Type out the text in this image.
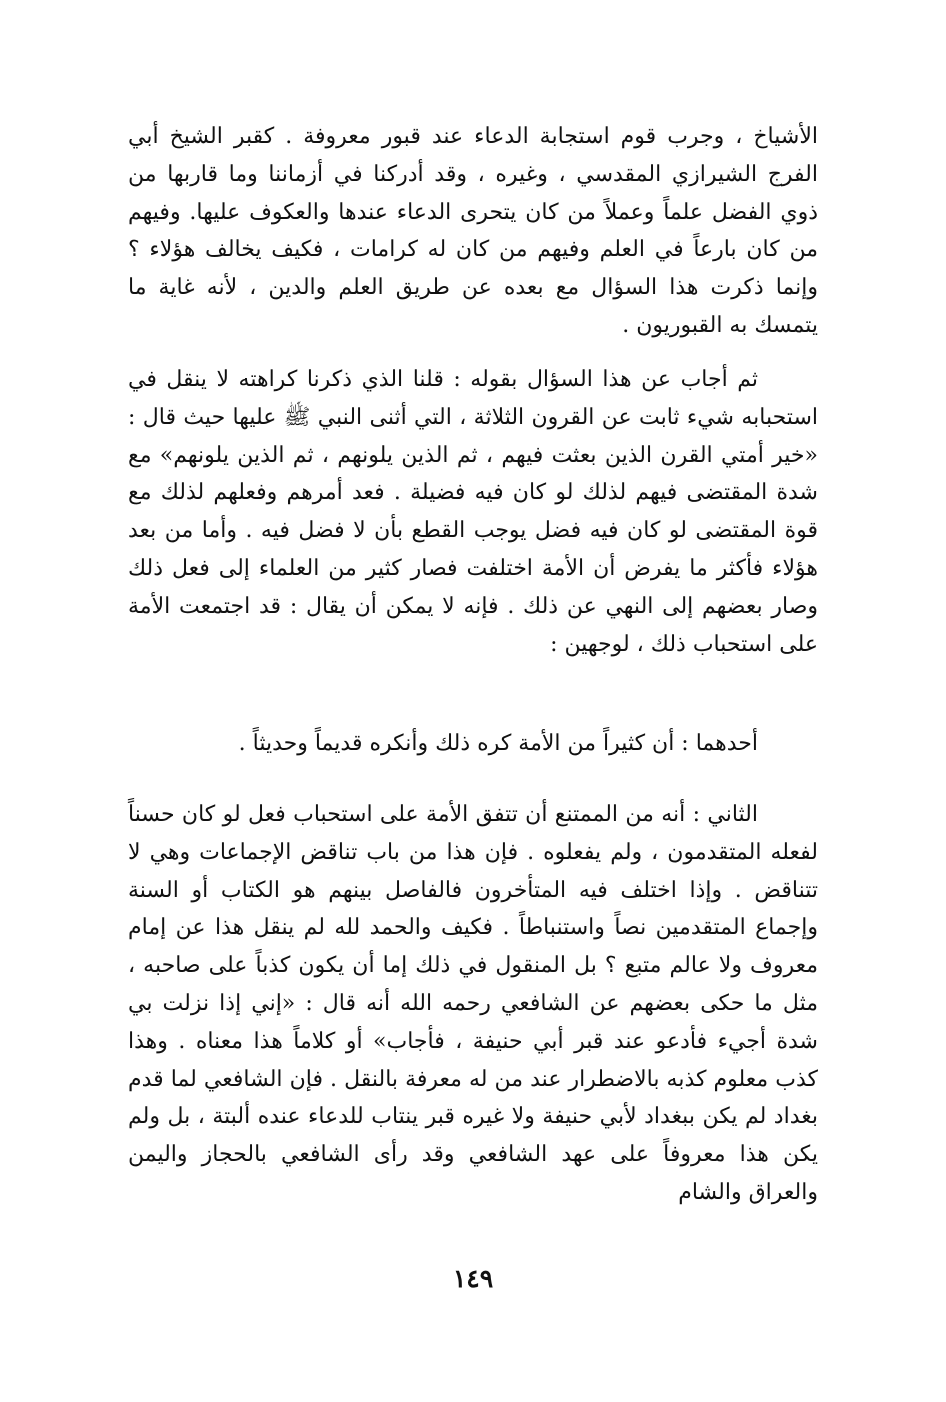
الأشياخ ، وجرب قوم استجابة الدعاء عند قبور معروفة . كقبر الشيخ أبي الفرج الشيرازي المقدسي ، وغيره ، وقد أدركنا في أزماننا وما قاربها من ذوي الفضل علماً وعملاً من كان يتحرى الدعاء عندها والعكوف عليها. وفيهم من كان بارعاً في العلم وفيهم من كان له كرامات ، فكيف يخالف هؤلاء ؟ وإنما ذكرت هذا السؤال مع بعده عن طريق العلم والدين ، لأنه غاية ما يتمسك به القبوريون .
ثم أجاب عن هذا السؤال بقوله : قلنا الذي ذكرنا كراهته لا ينقل في استحبابه شيء ثابت عن القرون الثلاثة ، التي أثنى النبي ﷺ عليها حيث قال : «خير أمتي القرن الذين بعثت فيهم ، ثم الذين يلونهم ، ثم الذين يلونهم» مع شدة المقتضى فيهم لذلك لو كان فيه فضيلة . فعد أمرهم وفعلهم لذلك مع قوة المقتضى لو كان فيه فضل يوجب القطع بأن لا فضل فيه . وأما من بعد هؤلاء فأكثر ما يفرض أن الأمة اختلفت فصار كثير من العلماء إلى فعل ذلك وصار بعضهم إلى النهي عن ذلك . فإنه لا يمكن أن يقال : قد اجتمعت الأمة على استحباب ذلك ، لوجهين :
أحدهما : أن كثيراً من الأمة كره ذلك وأنكره قديماً وحديثاً .
الثاني : أنه من الممتنع أن تتفق الأمة على استحباب فعل لو كان حسناً لفعله المتقدمون ، ولم يفعلوه . فإن هذا من باب تناقض الإجماعات وهي لا تتناقض . وإذا اختلف فيه المتأخرون فالفاصل بينهم هو الكتاب أو السنة وإجماع المتقدمين نصاً واستنباطاً . فكيف والحمد لله لم ينقل هذا عن إمام معروف ولا عالم متبع ؟ بل المنقول في ذلك إما أن يكون كذباً على صاحبه ، مثل ما حكى بعضهم عن الشافعي رحمه الله أنه قال : «إني إذا نزلت بي شدة أجيء فأدعو عند قبر أبي حنيفة ، فأجاب» أو كلاماً هذا معناه . وهذا كذب معلوم كذبه بالاضطرار عند من له معرفة بالنقل . فإن الشافعي لما قدم بغداد لم يكن ببغداد لأبي حنيفة ولا غيره قبر ينتاب للدعاء عنده ألبتة ، بل ولم يكن هذا معروفاً على عهد الشافعي وقد رأى الشافعي بالحجاز واليمن والعراق والشام
١٤٩
